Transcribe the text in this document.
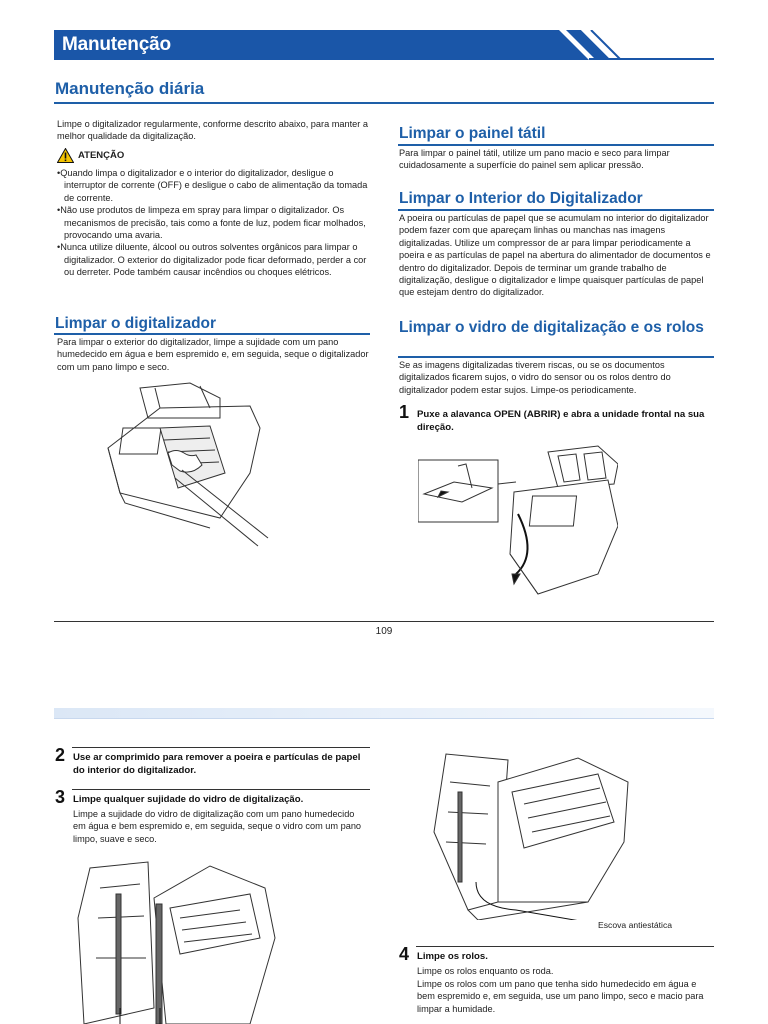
Manutenção
Manutenção diária

Limpe o digitalizador regularmente, conforme descrito abaixo, para manter a melhor qualidade da digitalização.

ATENÇÃO
• Quando limpa o digitalizador e o interior do digitalizador, desligue o interruptor de corrente (OFF) e desligue o cabo de alimentação da tomada de corrente.
• Não use produtos de limpeza em spray para limpar o digitalizador. Os mecanismos de precisão, tais como a fonte de luz, podem ficar molhados, provocando uma avaria.
• Nunca utilize diluente, álcool ou outros solventes orgânicos para limpar o digitalizador. O exterior do digitalizador pode ficar deformado, perder a cor ou derreter. Pode também causar incêndios ou choques elétricos.
Limpar o digitalizador

Para limpar o exterior do digitalizador, limpe a sujidade com um pano humedecido em água e bem espremido e, em seguida, seque o digitalizador com um pano limpo e seco.

Limpar o painel tátil

Para limpar o painel tátil, utilize um pano macio e seco para limpar cuidadosamente a superfície do painel sem aplicar pressão.

Limpar o Interior do Digitalizador

A poeira ou partículas de papel que se acumulam no interior do digitalizador podem fazer com que apareçam linhas ou manchas nas imagens digitalizadas. Utilize um compressor de ar para limpar periodicamente a poeira e as partículas de papel na abertura do alimentador de documentos e dentro do digitalizador. Depois de terminar um grande trabalho de digitalização, desligue o digitalizador e limpe quaisquer partículas de papel que estejam dentro do digitalizador.

Limpar o vidro de digitalização e os rolos

Se as imagens digitalizadas tiverem riscas, ou se os documentos digitalizados ficarem sujos, o vidro do sensor ou os rolos dentro do digitalizador podem estar sujos. Limpe-os periodicamente.

1 Puxe a alavanca OPEN (ABRIR) e abra a unidade frontal na sua direção.

109
2 Use ar comprimido para remover a poeira e partículas de papel do interior do digitalizador.

3 Limpe qualquer sujidade do vidro de digitalização.

Limpe a sujidade do vidro de digitalização com um pano humedecido em água e bem espremido e, em seguida, seque o vidro com um pano limpo, suave e seco.

Escova antiestática
4 Limpe os rolos.

Limpe os rolos enquanto os roda.

Limpe os rolos com um pano que tenha sido humedecido em água e bem espremido e, em seguida, use um pano limpo, seco e macio para limpar a humidade.
